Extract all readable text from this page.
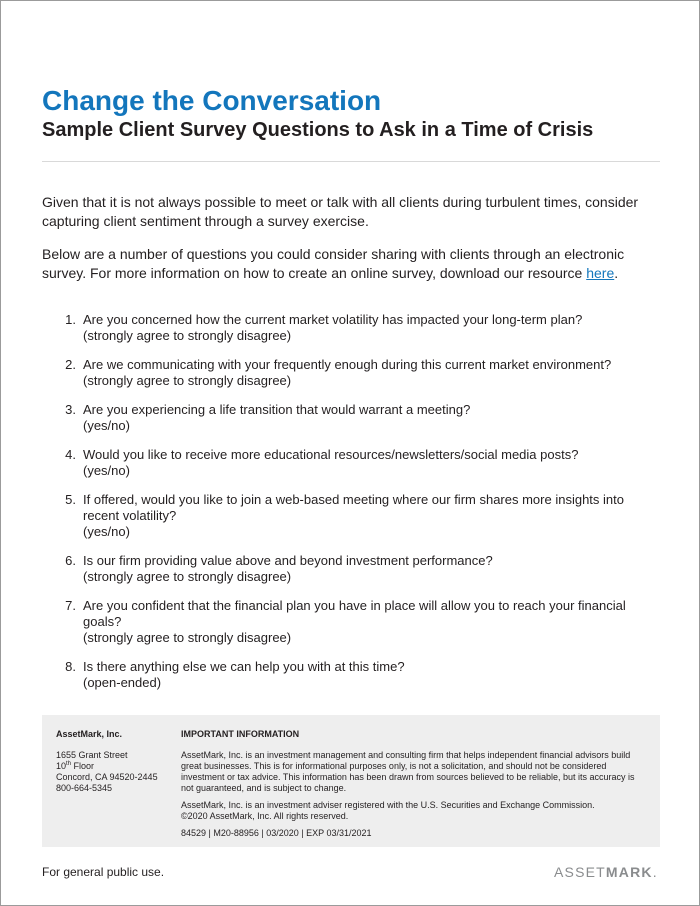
Change the Conversation
Sample Client Survey Questions to Ask in a Time of Crisis

Given that it is not always possible to meet or talk with all clients during turbulent times, consider capturing client sentiment through a survey exercise.

Below are a number of questions you could consider sharing with clients through an electronic survey. For more information on how to create an online survey, download our resource here.

1. Are you concerned how the current market volatility has impacted your long-term plan?
(strongly agree to strongly disagree)
2. Are we communicating with your frequently enough during this current market environment?
(strongly agree to strongly disagree)
3. Are you experiencing a life transition that would warrant a meeting?
(yes/no)
4. Would you like to receive more educational resources/newsletters/social media posts?
(yes/no)
5. If offered, would you like to join a web-based meeting where our firm shares more insights into recent volatility?
(yes/no)
6. Is our firm providing value above and beyond investment performance?
(strongly agree to strongly disagree)
7. Are you confident that the financial plan you have in place will allow you to reach your financial goals?
(strongly agree to strongly disagree)
8. Is there anything else we can help you with at this time?
(open-ended)
AssetMark, Inc.
1655 Grant Street
10th Floor
Concord, CA 94520-2445
800-664-5345
IMPORTANT INFORMATION

AssetMark, Inc. is an investment management and consulting firm that helps independent financial advisors build great businesses. This is for informational purposes only, is not a solicitation, and should not be considered investment or tax advice. This information has been drawn from sources believed to be reliable, but its accuracy is not guaranteed, and is subject to change.

AssetMark, Inc. is an investment adviser registered with the U.S. Securities and Exchange Commission.
©2020 AssetMark, Inc. All rights reserved.

84529 | M20-88956 | 03/2020 | EXP 03/31/2021

For general public use.	ASSETMARK.
